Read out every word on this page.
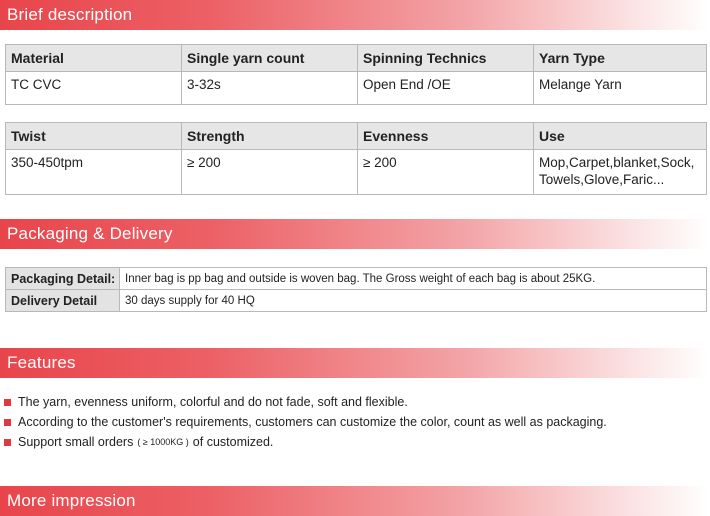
Brief description
Material	Single yarn count	Spinning Technics	Yarn Type
TC CVC	3-32s	Open End /OE	Melange Yarn
Twist	Strength	Evenness	Use
350-450tpm	≥ 200	≥ 200	Mop,Carpet,blanket,Sock,
Towels,Glove,Faric...
Packaging & Delivery
Packaging Detail:	Inner bag is pp bag and outside is woven bag. The Gross weight of each bag is about 25KG.
Delivery Detail	30 days supply for 40 HQ
Features
The yarn, evenness uniform, colorful and do not fade, soft and flexible.
According to the customer's requirements, customers can customize the color, count as well as packaging.
Support small orders ( ≥ 1000KG ) of customized.
More impression
